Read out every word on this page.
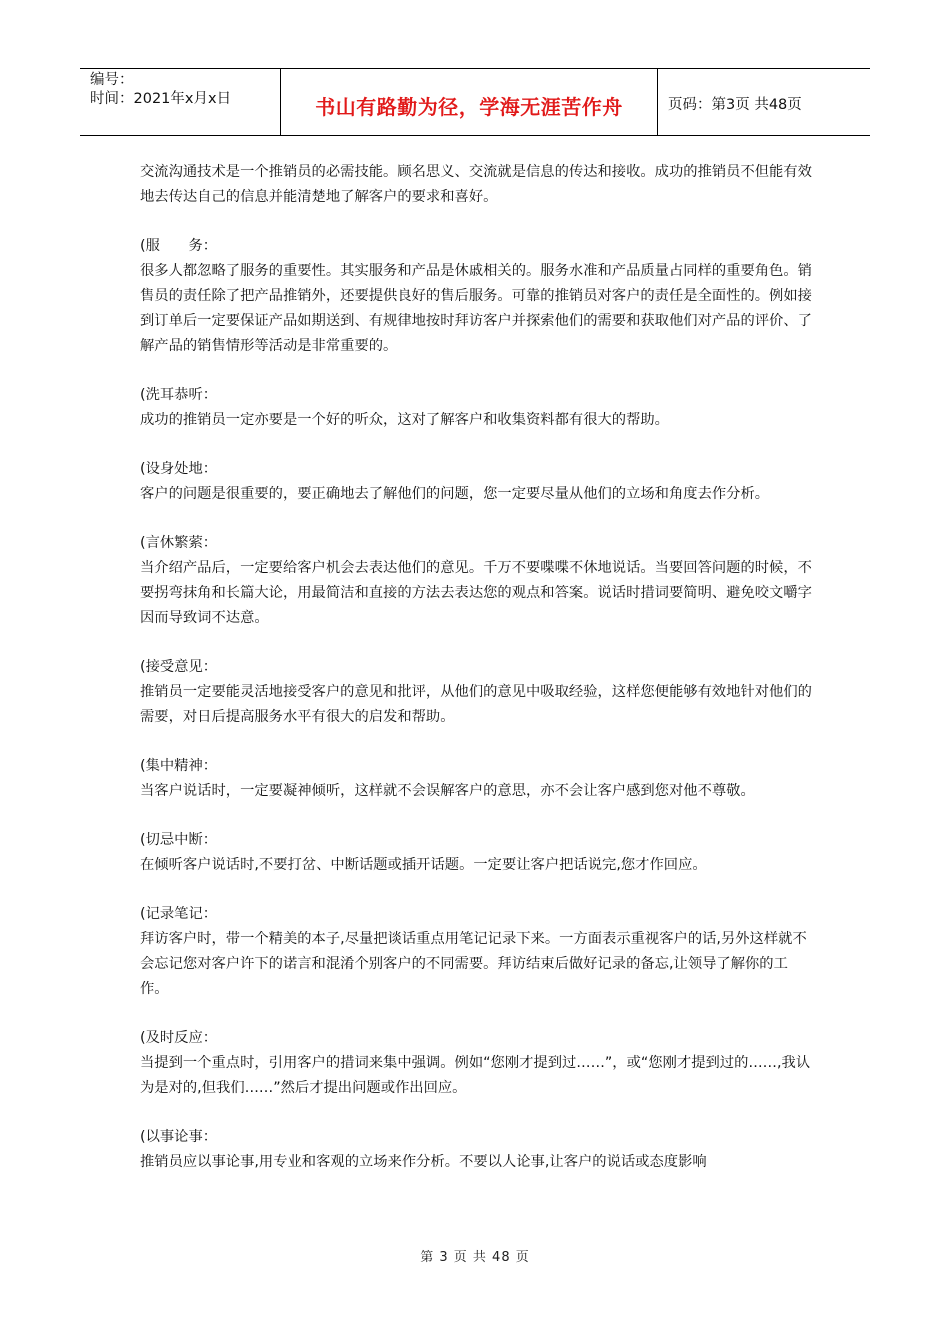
编号：
时间：2021年x月x日	书山有路勤为径，学海无涯苦作舟	页码：第3页 共48页

交流沟通技术是一个推销员的必需技能。顾名思义、交流就是信息的传达和接收。成功的推销员不但能有效地去传达自己的信息并能清楚地了解客户的要求和喜好。

(服　　务：

很多人都忽略了服务的重要性。其实服务和产品是休戚相关的。服务水准和产品质量占同样的重要角色。销售员的责任除了把产品推销外，还要提供良好的售后服务。可靠的推销员对客户的责任是全面性的。例如接到订单后一定要保证产品如期送到、有规律地按时拜访客户并探索他们的需要和获取他们对产品的评价、了解产品的销售情形等活动是非常重要的。

(洗耳恭听：

成功的推销员一定亦要是一个好的听众，这对了解客户和收集资料都有很大的帮助。

(设身处地：

客户的问题是很重要的，要正确地去了解他们的问题，您一定要尽量从他们的立场和角度去作分析。

(言休繁萦：

当介绍产品后，一定要给客户机会去表达他们的意见。千万不要喋喋不休地说话。当要回答问题的时候，不要拐弯抹角和长篇大论，用最简洁和直接的方法去表达您的观点和答案。说话时措词要简明、避免咬文嚼字因而导致词不达意。

(接受意见：

推销员一定要能灵活地接受客户的意见和批评，从他们的意见中吸取经验，这样您便能够有效地针对他们的需要，对日后提高服务水平有很大的启发和帮助。

(集中精神：

当客户说话时，一定要凝神倾听，这样就不会误解客户的意思，亦不会让客户感到您对他不尊敬。

(切忌中断：

在倾听客户说话时,不要打岔、中断话题或插开话题。一定要让客户把话说完,您才作回应。

(记录笔记：

拜访客户时，带一个精美的本子,尽量把谈话重点用笔记记录下来。一方面表示重视客户的话,另外这样就不会忘记您对客户许下的诺言和混淆个别客户的不同需要。拜访结束后做好记录的备忘,让领导了解你的工作。

(及时反应：

当提到一个重点时，引用客户的措词来集中强调。例如“您刚才提到过……”，或“您刚才提到过的……,我认为是对的,但我们……”然后才提出问题或作出回应。

(以事论事：

推销员应以事论事,用专业和客观的立场来作分析。不要以人论事,让客户的说话或态度影响

第 3 页 共 48 页
